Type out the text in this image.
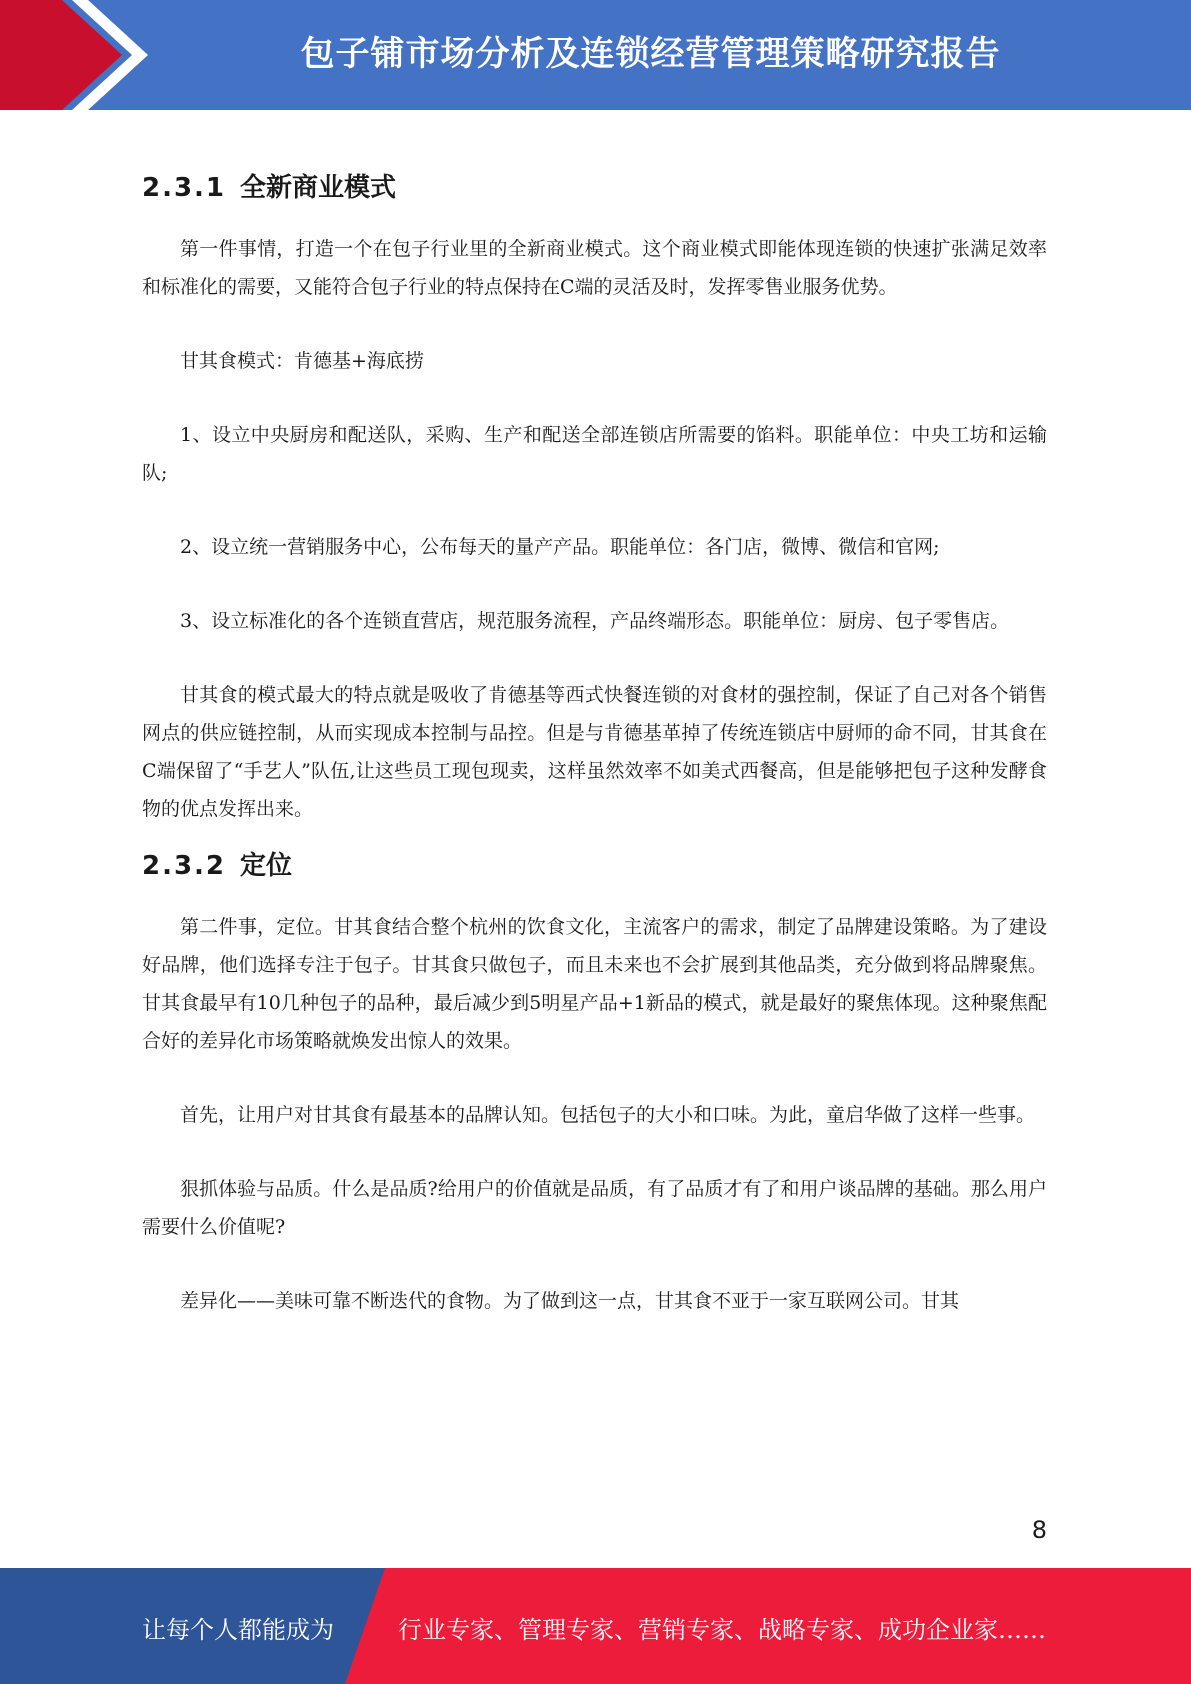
包子铺市场分析及连锁经营管理策略研究报告
2.3.1 全新商业模式

第一件事情，打造一个在包子行业里的全新商业模式。这个商业模式即能体现连锁的快速扩张满足效率和标准化的需要，又能符合包子行业的特点保持在C端的灵活及时，发挥零售业服务优势。

甘其食模式：肯德基+海底捞

1、设立中央厨房和配送队，采购、生产和配送全部连锁店所需要的馅料。职能单位：中央工坊和运输队;

2、设立统一营销服务中心，公布每天的量产产品。职能单位：各门店，微博、微信和官网;

3、设立标准化的各个连锁直营店，规范服务流程，产品终端形态。职能单位：厨房、包子零售店。

甘其食的模式最大的特点就是吸收了肯德基等西式快餐连锁的对食材的强控制，保证了自己对各个销售网点的供应链控制，从而实现成本控制与品控。但是与肯德基革掉了传统连锁店中厨师的命不同，甘其食在C端保留了“手艺人”队伍,让这些员工现包现卖，这样虽然效率不如美式西餐高，但是能够把包子这种发酵食物的优点发挥出来。

2.3.2 定位

第二件事，定位。甘其食结合整个杭州的饮食文化，主流客户的需求，制定了品牌建设策略。为了建设好品牌，他们选择专注于包子。甘其食只做包子，而且未来也不会扩展到其他品类，充分做到将品牌聚焦。甘其食最早有10几种包子的品种，最后减少到5明星产品+1新品的模式，就是最好的聚焦体现。这种聚焦配合好的差异化市场策略就焕发出惊人的效果。

首先，让用户对甘其食有最基本的品牌认知。包括包子的大小和口味。为此，童启华做了这样一些事。

狠抓体验与品质。什么是品质?给用户的价值就是品质，有了品质才有了和用户谈品牌的基础。那么用户需要什么价值呢?

差异化——美味可靠不断迭代的食物。为了做到这一点，甘其食不亚于一家互联网公司。甘其

8
让每个人都能成为	行业专家、管理专家、营销专家、战略专家、成功企业家……
